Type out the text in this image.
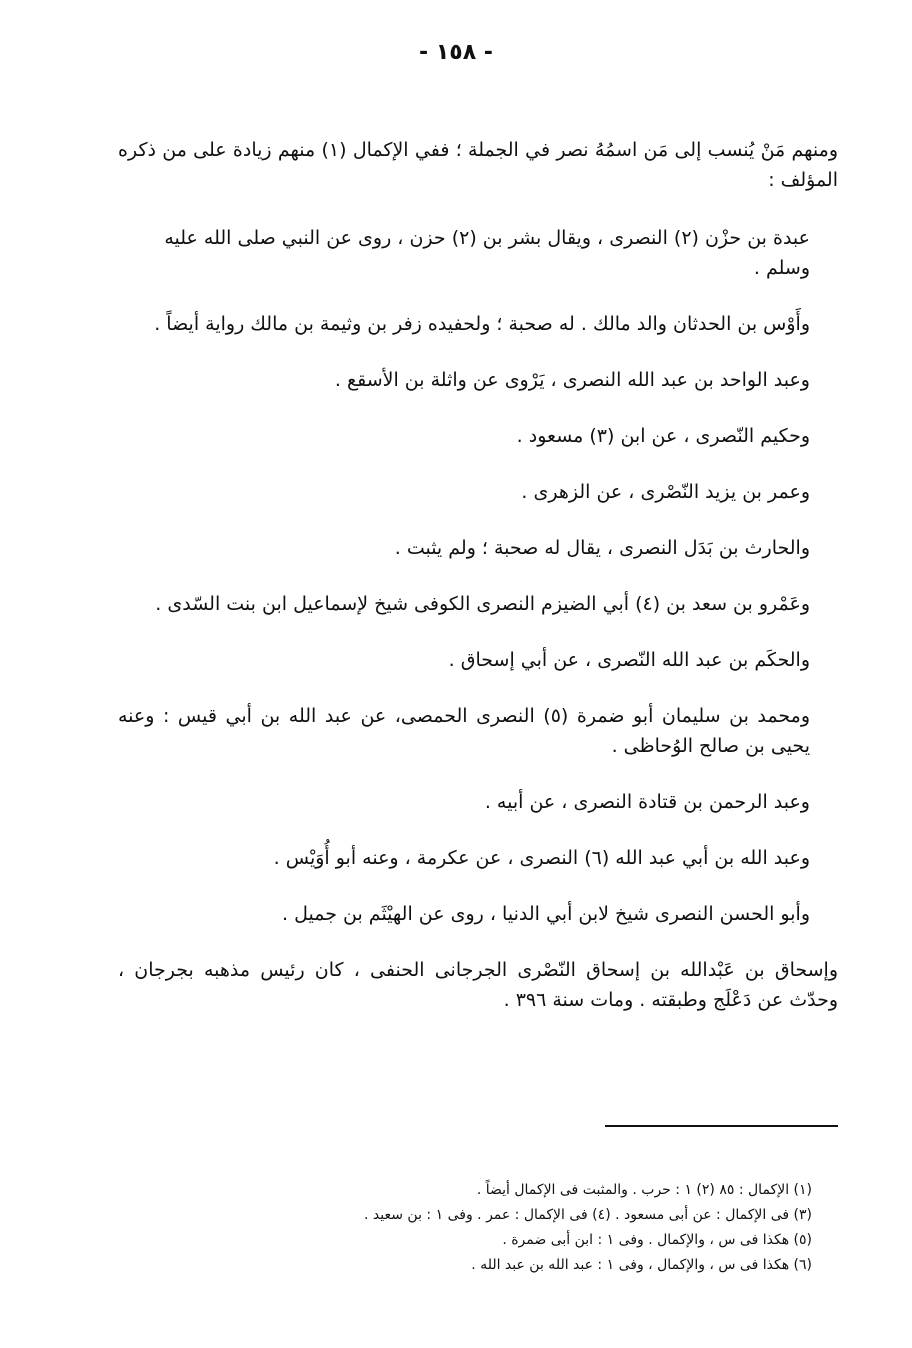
- ١٥٨ -

ومنهم مَنْ يُنسب إلى مَن اسمُهُ نصر في الجملة ؛ ففي الإكمال (١) منهم زيادة على من ذكره المؤلف :

عبدة بن حزْن (٢) النصرى ، ويقال بشر بن (٢) حزن ، روى عن النبي صلى الله عليه وسلم .

وأَوْس بن الحدثان والد مالك . له صحبة ؛ ولحفيده زفر بن وثيمة بن مالك رواية أيضاً .

وعبد الواحد بن عبد الله النصرى ، يَرْوى عن واثلة بن الأسقع .

وحكيم النّصرى ، عن ابن (٣) مسعود .

وعمر بن يزيد النّصْرى ، عن الزهرى .

والحارث بن بَدَل النصرى ، يقال له صحبة ؛ ولم يثبت .

وعَمْرو بن سعد بن (٤) أبي الضيزم النصرى الكوفى شيخ لإسماعيل ابن بنت السّدى .

والحكَم بن عبد الله النّصرى ، عن أبي إسحاق .

ومحمد بن سليمان أبو ضمرة (٥) النصرى الحمصى، عن عبد الله بن أبي قيس : وعنه يحيى بن صالح الوُحاظى .

وعبد الرحمن بن قتادة النصرى ، عن أبيه .

وعبد الله بن أبي عبد الله (٦) النصرى ، عن عكرمة ، وعنه أبو أُوَيْس .

وأبو الحسن النصرى شيخ لابن أبي الدنيا ، روى عن الهيْثَم بن جميل .

وإسحاق بن عَبْدالله بن إسحاق النّصْرى الجرجانى الحنفى ، كان رئيس مذهبه بجرجان ، وحدّث عن دَعْلَج وطبقته . ومات سنة ٣٩٦ .

(١) الإكمال : ٨٥ (٢) ١ : حرب . والمثبت فى الإكمال أيضاً .
(٣) فى الإكمال : عن أبى مسعود . (٤) فى الإكمال : عمر . وفى ١ : بن سعيد .
(٥) هكذا فى س ، والإكمال . وفى ١ : ابن أبى ضمرة .
(٦) هكذا فى س ، والإكمال ، وفى ١ : عبد الله بن عبد الله .
